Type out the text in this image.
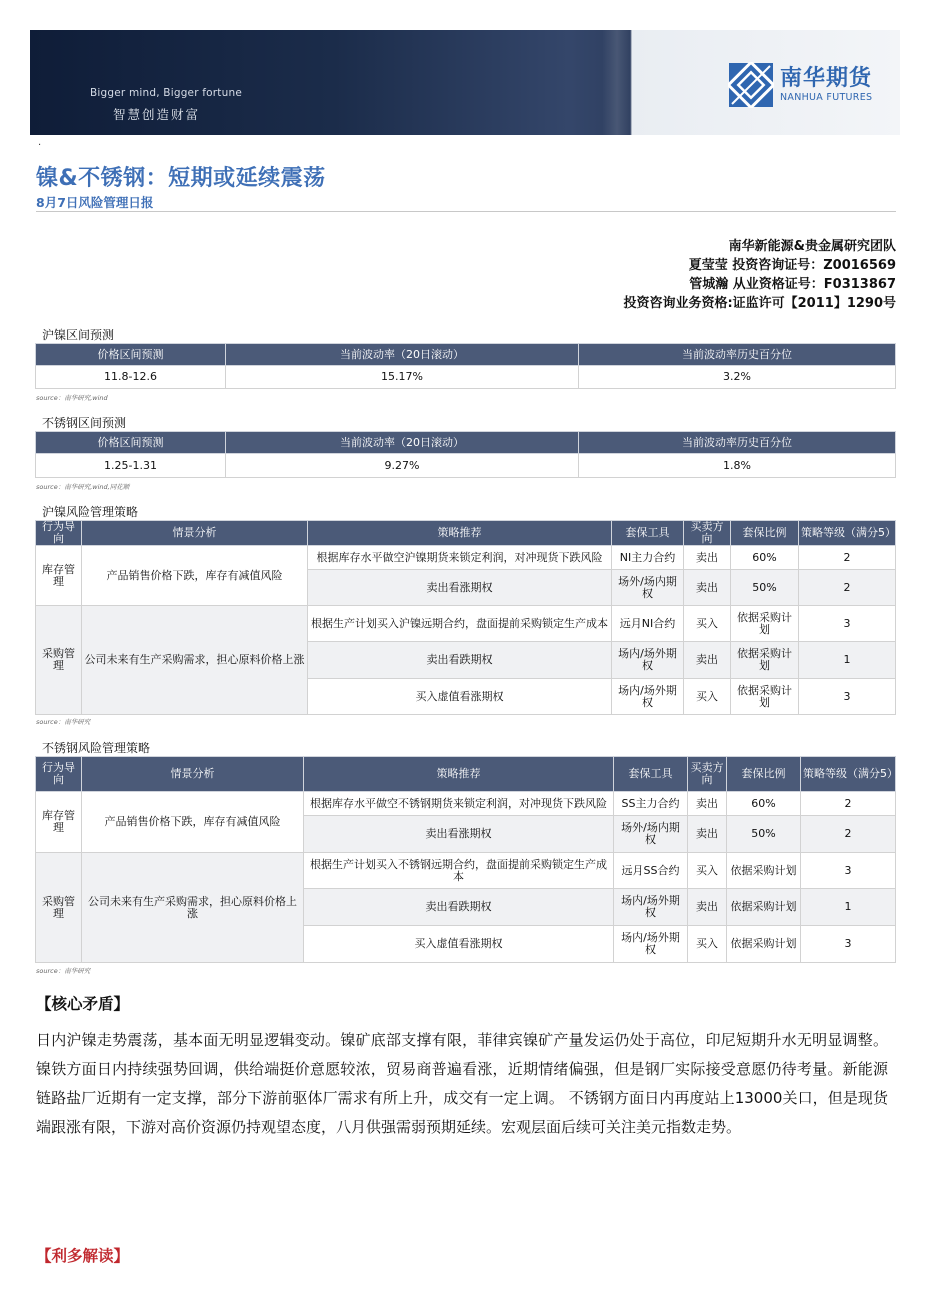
Bigger mind, Bigger fortune
智慧创造财富
南华期货
NANHUA FUTURES
·
镍&不锈钢：短期或延续震荡
8月7日风险管理日报
南华新能源&贵金属研究团队
夏莹莹 投资咨询证号：Z0016569
管城瀚 从业资格证号：F0313867
投资咨询业务资格:证监许可【2011】1290号
沪镍区间预测
价格区间预测	当前波动率（20日滚动）	当前波动率历史百分位
11.8-12.6	15.17%	3.2%
source：南华研究,wind
不锈钢区间预测
价格区间预测	当前波动率（20日滚动）	当前波动率历史百分位
1.25-1.31	9.27%	1.8%
source：南华研究,wind,同花顺
沪镍风险管理策略
行为导向	情景分析	策略推荐	套保工具	买卖方向	套保比例	策略等级（满分5）
库存管理	产品销售价格下跌，库存有减值风险	根据库存水平做空沪镍期货来锁定利润，对冲现货下跌风险	NI主力合约	卖出	60%	2
		卖出看涨期权	场外/场内期权	卖出	50%	2
采购管理	公司未来有生产采购需求，担心原料价格上涨	根据生产计划买入沪镍远期合约，盘面提前采购锁定生产成本	远月NI合约	买入	依据采购计划	3
		卖出看跌期权	场内/场外期权	卖出	依据采购计划	1
		买入虚值看涨期权	场内/场外期权	买入	依据采购计划	3
source：南华研究
不锈钢风险管理策略
行为导向	情景分析	策略推荐	套保工具	买卖方向	套保比例	策略等级（满分5）
库存管理	产品销售价格下跌，库存有减值风险	根据库存水平做空不锈钢期货来锁定利润，对冲现货下跌风险	SS主力合约	卖出	60%	2
		卖出看涨期权	场外/场内期权	卖出	50%	2
采购管理	公司未来有生产采购需求，担心原料价格上涨	根据生产计划买入不锈钢远期合约，盘面提前采购锁定生产成本	远月SS合约	买入	依据采购计划	3
		卖出看跌期权	场内/场外期权	卖出	依据采购计划	1
		买入虚值看涨期权	场内/场外期权	买入	依据采购计划	3
source：南华研究
【核心矛盾】
日内沪镍走势震荡，基本面无明显逻辑变动。镍矿底部支撑有限，菲律宾镍矿产量发运仍处于高位，印尼短期升水无明显调整。镍铁方面日内持续强势回调，供给端挺价意愿较浓，贸易商普遍看涨，近期情绪偏强，但是钢厂实际接受意愿仍待考量。新能源链路盐厂近期有一定支撑，部分下游前驱体厂需求有所上升，成交有一定上调。 不锈钢方面日内再度站上13000关口，但是现货端跟涨有限，下游对高价资源仍持观望态度，八月供强需弱预期延续。宏观层面后续可关注美元指数走势。
【利多解读】
